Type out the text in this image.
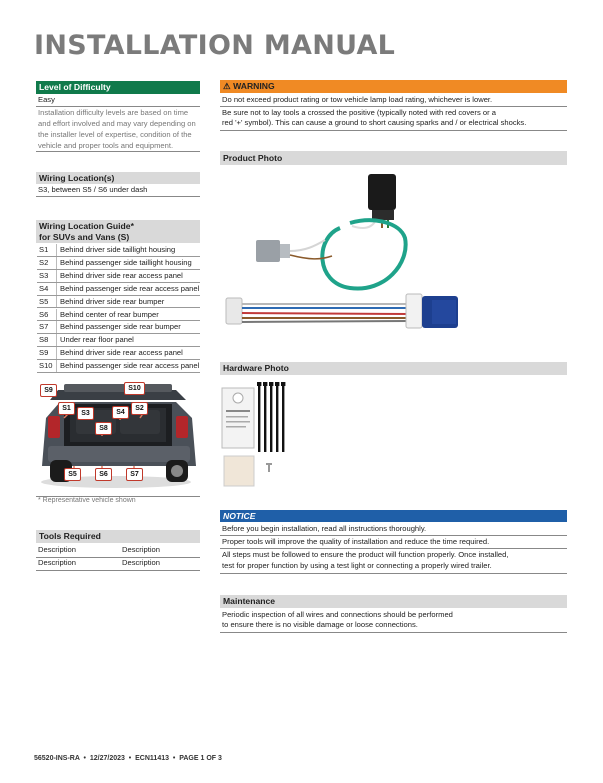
INSTALLATION MANUAL
Level of Difficulty
Easy
Installation difficulty levels are based on time and effort involved and may vary depending on the installer level of expertise, condition of the vehicle and proper tools and equipment.
Wiring Location(s)
S3, between S5 / S6 under dash
Wiring Location Guide*
for SUVs and Vans (S)
S1 Behind driver side taillight housing
S2 Behind passenger side taillight housing
S3 Behind driver side rear access panel
S4 Behind passenger side rear access panel
S5 Behind driver side rear bumper
S6 Behind center of rear bumper
S7 Behind passenger side rear bumper
S8 Under rear floor panel
S9 Behind driver side rear access panel
S10 Behind passenger side rear access panel
S9	S10
S1
S3	S4
S2
S8
S5	S6	S7
* Representative vehicle shown
Tools Required
Description	Description
Description	Description
⚠ WARNING
Do not exceed product rating or tow vehicle lamp load rating, whichever is lower.
Be sure not to lay tools a crossed the positive (typically noted with red covers or a
red '+' symbol). This can cause a ground to short causing sparks and / or electrical shocks.
Product Photo
Hardware Photo
NOTICE
Before you begin installation, read all instructions thoroughly.
Proper tools will improve the quality of installation and reduce the time required.
All steps must be followed to ensure the product will function properly. Once installed,
test for proper function by using a test light or connecting a properly wired trailer.
Maintenance
Periodic inspection of all wires and connections should be performed
to ensure there is no visible damage or loose connections.
56520-INS-RA  •  12/27/2023  •  ECN11413  •  PAGE 1 OF 3
